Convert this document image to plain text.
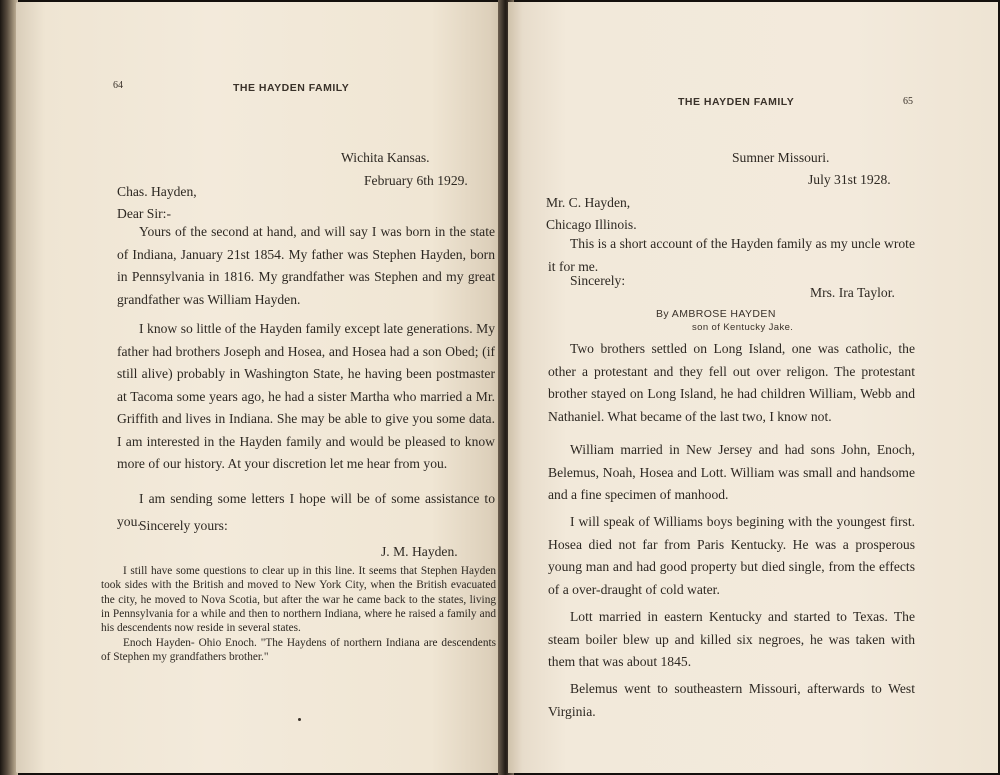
64	THE HAYDEN FAMILY
Wichita Kansas.
February 6th 1929.
Chas. Hayden,
Dear Sir:-
Yours of the second at hand, and will say I was born in the state of Indiana, January 21st 1854. My father was Stephen Hayden, born in Pennsylvania in 1816. My grandfather was Stephen and my great grandfather was William Hayden.
I know so little of the Hayden family except late generations. My father had brothers Joseph and Hosea, and Hosea had a son Obed; (if still alive) probably in Washington State, he having been postmaster at Tacoma some years ago, he had a sister Martha who married a Mr. Griffith and lives in Indiana. She may be able to give you some data. I am interested in the Hayden family and would be pleased to know more of our history. At your discretion let me hear from you.
I am sending some letters I hope will be of some assistance to you.
Sincerely yours:
J. M. Hayden.
I still have some questions to clear up in this line. It seems that Stephen Hayden took sides with the British and moved to New York City, when the British evacuated the city, he moved to Nova Scotia, but after the war he came back to the states, living in Pennsylvania for a while and then to northern Indiana, where he raised a family and his descendents now reside in several states.
Enoch Hayden- Ohio Enoch. "The Haydens of northern Indiana are descendents of Stephen my grandfathers brother."
THE HAYDEN FAMILY	65
Sumner Missouri.
July 31st 1928.
Mr. C. Hayden,
Chicago Illinois.
This is a short account of the Hayden family as my uncle wrote it for me.
Sincerely:
Mrs. Ira Taylor.
By AMBROSE HAYDEN
son of Kentucky Jake.
Two brothers settled on Long Island, one was catholic, the other a protestant and they fell out over religon. The protestant brother stayed on Long Island, he had children William, Webb and Nathaniel. What became of the last two, I know not.
William married in New Jersey and had sons John, Enoch, Belemus, Noah, Hosea and Lott. William was small and handsome and a fine specimen of manhood.
I will speak of Williams boys begining with the youngest first. Hosea died not far from Paris Kentucky. He was a prosperous young man and had good property but died single, from the effects of a over-draught of cold water.
Lott married in eastern Kentucky and started to Texas. The steam boiler blew up and killed six negroes, he was taken with them that was about 1845.
Belemus went to southeastern Missouri, afterwards to West Virginia.
